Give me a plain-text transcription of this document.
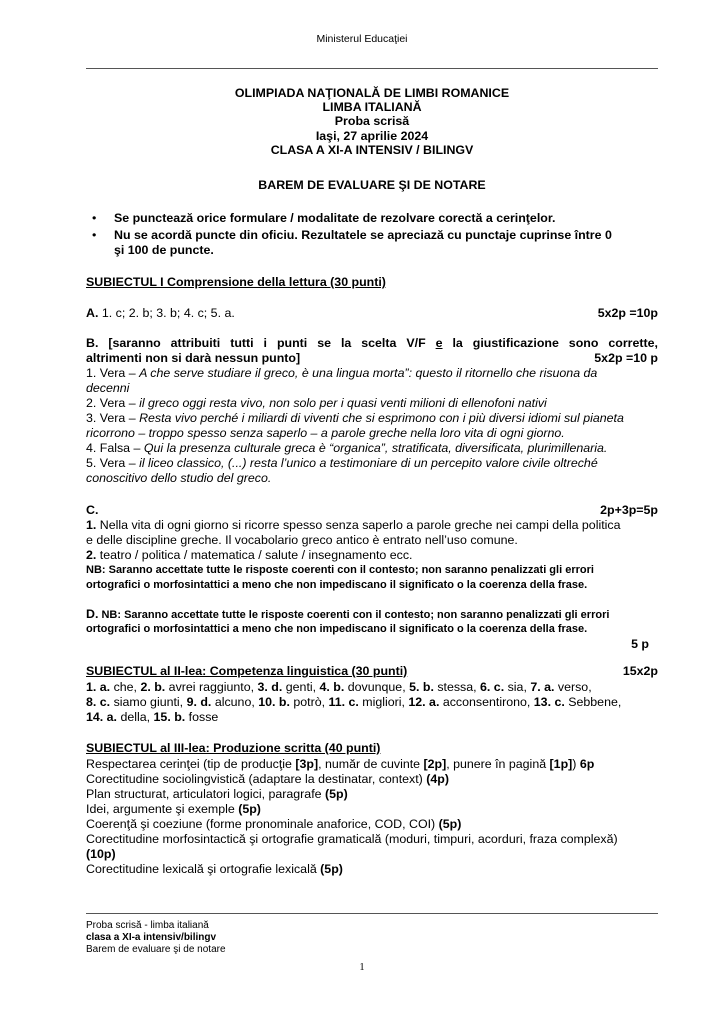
Ministerul Educaţiei
OLIMPIADA NAŢIONALĂ DE LIMBI ROMANICE
LIMBA ITALIANĂ
Proba scrisă
Iaşi, 27 aprilie 2024
CLASA A XI-A INTENSIV / BILINGV
BAREM DE EVALUARE ŞI DE NOTARE
• Se punctează orice formulare / modalitate de rezolvare corectă a cerinţelor.
• Nu se acordă puncte din oficiu. Rezultatele se apreciază cu punctaje cuprinse între 0
şi 100 de puncte.
SUBIECTUL I Comprensione della lettura (30 punti)
A. 1. c; 2. b; 3. b; 4. c; 5. a.	5x2p =10p
B. [saranno attribuiti tutti i punti se la scelta V/F e la giustificazione sono corrette,
altrimenti non si darà nessun punto]	5x2p =10 p
1. Vera – A che serve studiare il greco, è una lingua morta”: questo il ritornello che risuona da
decenni
2. Vera – il greco oggi resta vivo, non solo per i quasi venti milioni di ellenofoni nativi
3. Vera – Resta vivo perché i miliardi di viventi che si esprimono con i più diversi idiomi sul pianeta
ricorrono – troppo spesso senza saperlo – a parole greche nella loro vita di ogni giorno.
4. Falsa – Qui la presenza culturale greca è “organica”, stratificata, diversificata, plurimillenaria.
5. Vera – il liceo classico, (...) resta l’unico a testimoniare di un percepito valore civile oltreché
conoscitivo dello studio del greco.
C.	2p+3p=5p
1. Nella vita di ogni giorno si ricorre spesso senza saperlo a parole greche nei campi della politica
e delle discipline greche. Il vocabolario greco antico è entrato nell’uso comune.
2. teatro / politica / matematica / salute / insegnamento ecc.
NB: Saranno accettate tutte le risposte coerenti con il contesto; non saranno penalizzati gli errori
ortografici o morfosintattici a meno che non impediscano il significato o la coerenza della frase.
D. NB: Saranno accettate tutte le risposte coerenti con il contesto; non saranno penalizzati gli errori
ortografici o morfosintattici a meno che non impediscano il significato o la coerenza della frase.
5 p
SUBIECTUL al II-lea: Competenza linguistica (30 punti)	15x2p
1. a. che, 2. b. avrei raggiunto, 3. d. genti, 4. b. dovunque, 5. b. stessa, 6. c. sia, 7. a. verso,
8. c. siamo giunti, 9. d. alcuno, 10. b. potrò, 11. c. migliori, 12. a. acconsentirono, 13. c. Sebbene,
14. a. della, 15. b. fosse
SUBIECTUL al III-lea: Produzione scritta (40 punti)
Respectarea cerinţei (tip de producţie [3p], număr de cuvinte [2p], punere în pagină [1p]) 6p
Corectitudine sociolingvistică (adaptare la destinatar, context) (4p)
Plan structurat, articulatori logici, paragrafe (5p)
Idei, argumente şi exemple (5p)
Coerenţă şi coeziune (forme pronominale anaforice, COD, COI) (5p)
Corectitudine morfosintactică şi ortografie gramaticală (moduri, timpuri, acorduri, fraza complexă)
(10p)
Corectitudine lexicală şi ortografie lexicală (5p)
Proba scrisă - limba italiană
clasa a XI-a intensiv/bilingv
Barem de evaluare şi de notare
1
